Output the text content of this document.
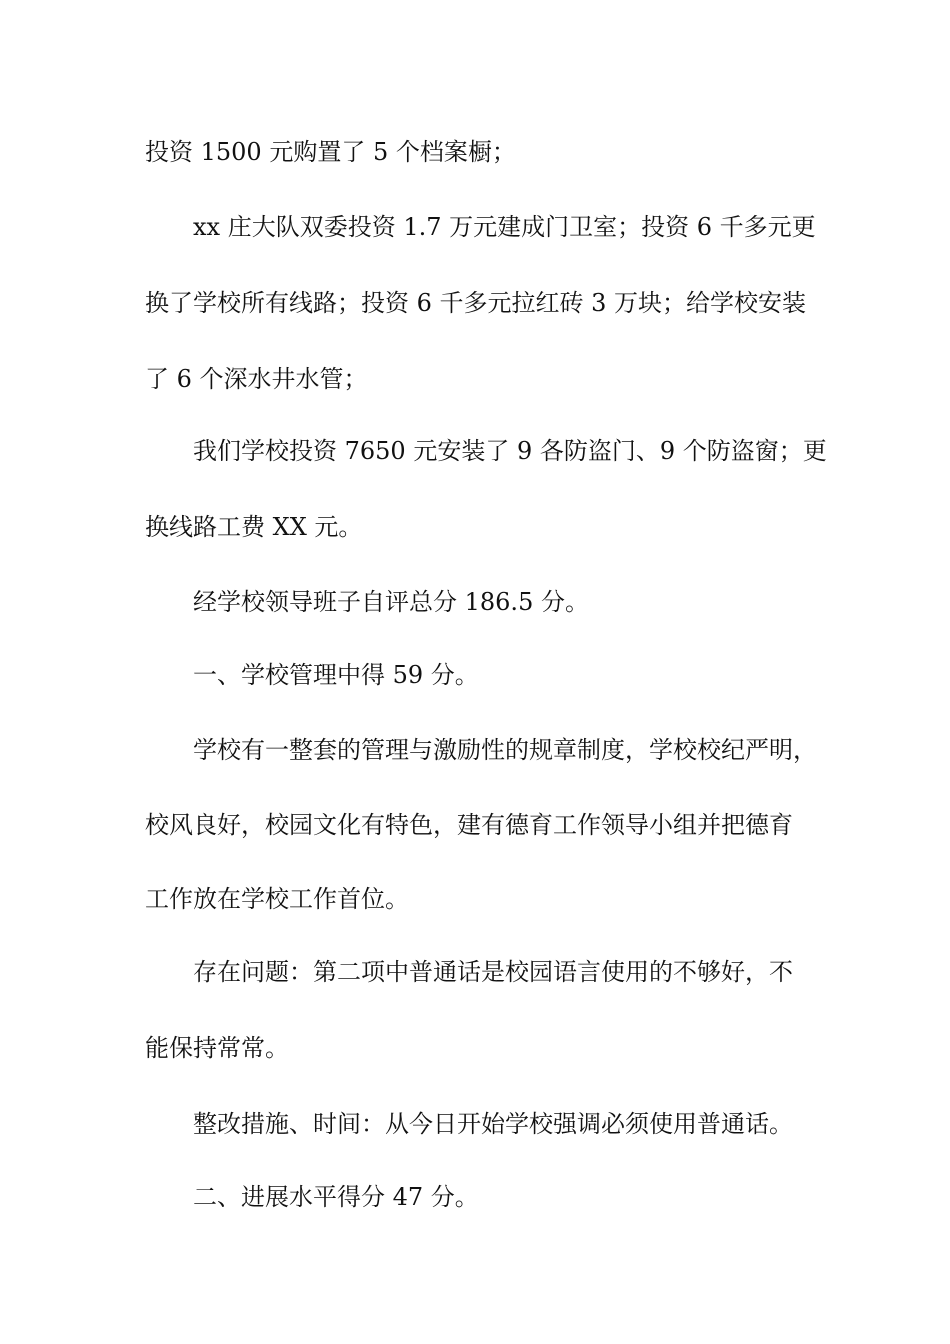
投资 1500 元购置了 5 个档案橱；
xx 庄大队双委投资 1.7 万元建成门卫室；投资 6 千多元更
换了学校所有线路；投资 6 千多元拉红砖 3 万块；给学校安装
了 6 个深水井水管；
我们学校投资 7650 元安装了 9 各防盗门、9 个防盗窗；更
换线路工费 XX 元。
经学校领导班子自评总分 186.5 分。
一、学校管理中得 59 分。
学校有一整套的管理与激励性的规章制度，学校校纪严明，
校风良好，校园文化有特色，建有德育工作领导小组并把德育
工作放在学校工作首位。
存在问题：第二项中普通话是校园语言使用的不够好，不
能保持常常。
整改措施、时间：从今日开始学校强调必须使用普通话。
二、进展水平得分 47 分。
